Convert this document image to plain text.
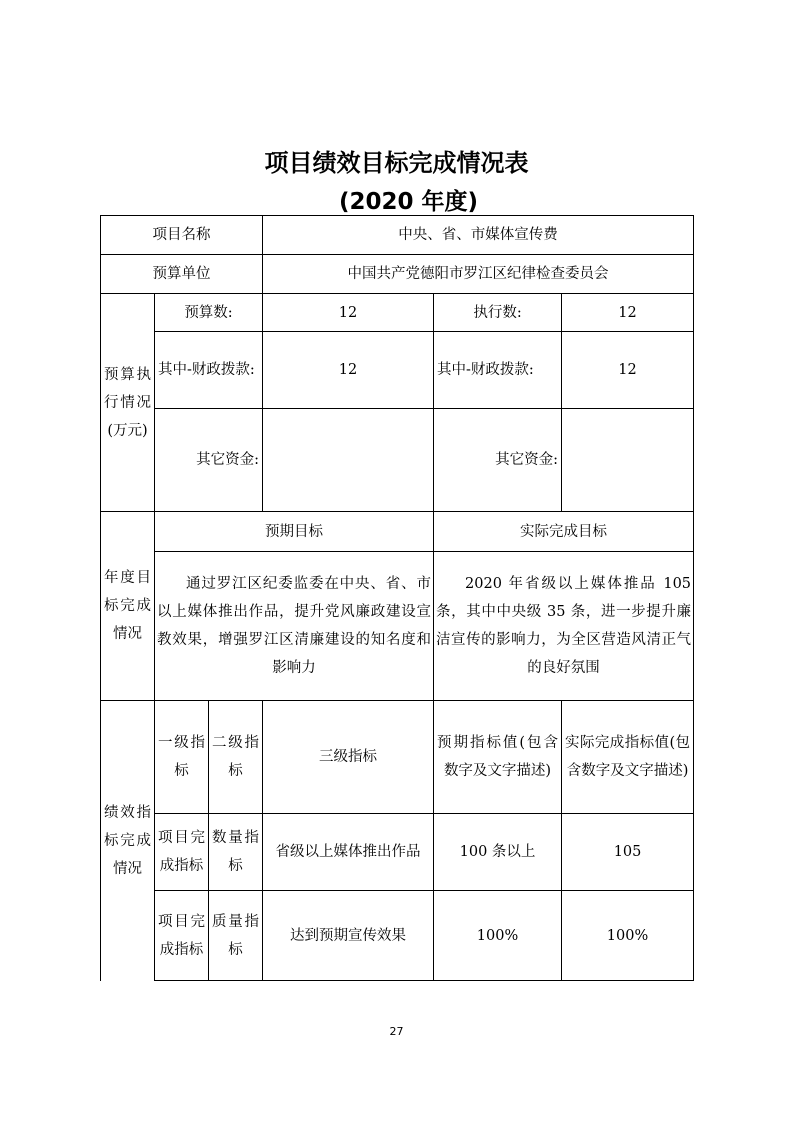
项目绩效目标完成情况表
(2020 年度)
项目名称			中央、省、市媒体宣传费		
预算单位			中国共产党德阳市罗江区纪律检查委员会		
预算执行情况(万元)	预算数:		12	执行数:	12
	其中-财政拨款:		12	其中-财政拨款:	12
	其它资金:			其它资金:	
年度目标完成情况	预期目标			实际完成目标	

	通过罗江区纪委监委在中央、省、市以上媒体推出作品，提升党风廉政建设宣教效果，增强罗江区清廉建设的知名度和影响力			2020 年省级以上媒体推品 105 条，其中中央级 35 条，进一步提升廉洁宣传的影响力，为全区营造风清正气的良好氛围	

绩效指标完成情况	一级指标	二级指标	三级指标	预期指标值(包含数字及文字描述)	实际完成指标值(包含数字及文字描述)
	项目完成指标	数量指标	省级以上媒体推出作品	100 条以上	105
	项目完成指标	质量指标	达到预期宣传效果	100%	100%
27
